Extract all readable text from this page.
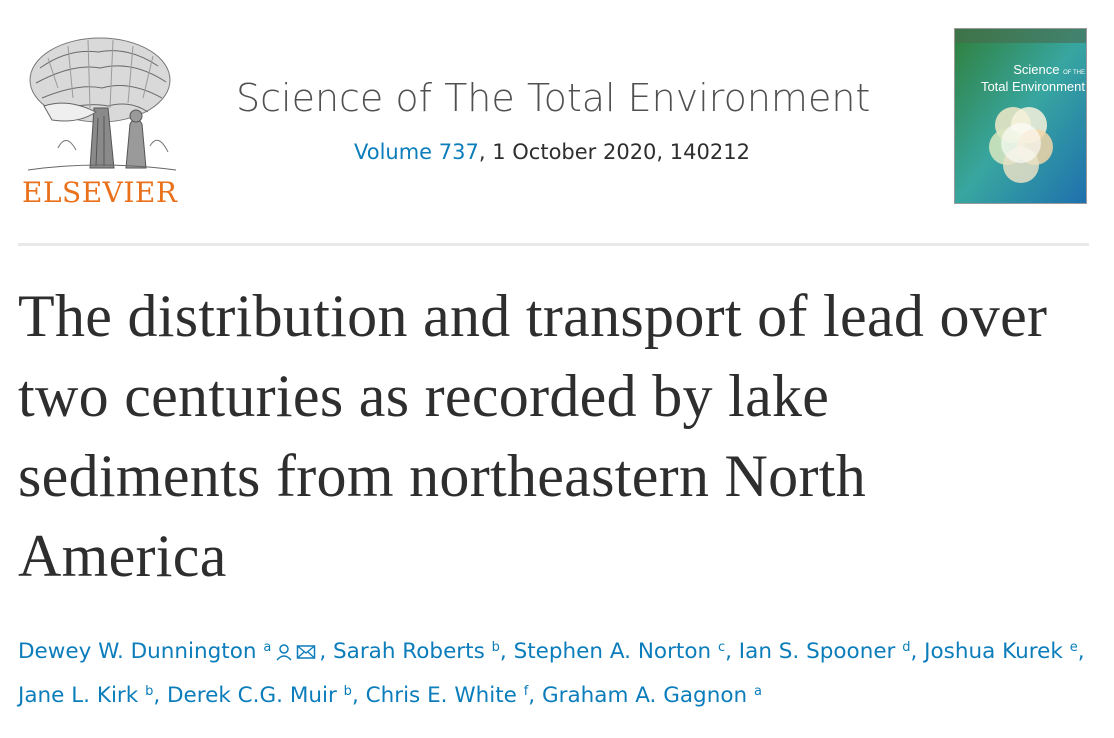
ELSEVIER
Science of The Total Environment
Volume 737, 1 October 2020, 140212
Science OF THE
Total Environment
The distribution and transport of lead over two centuries as recorded by lake sediments from northeastern North America
Dewey W. Dunnington $^a$ , Sarah Roberts $^b$, Stephen A. Norton $^c$, Ian S. Spooner $^d$, Joshua Kurek $^e$, Jane L. Kirk $^b$, Derek C.G. Muir $^b$, Chris E. White $^f$, Graham A. Gagnon $^a$
